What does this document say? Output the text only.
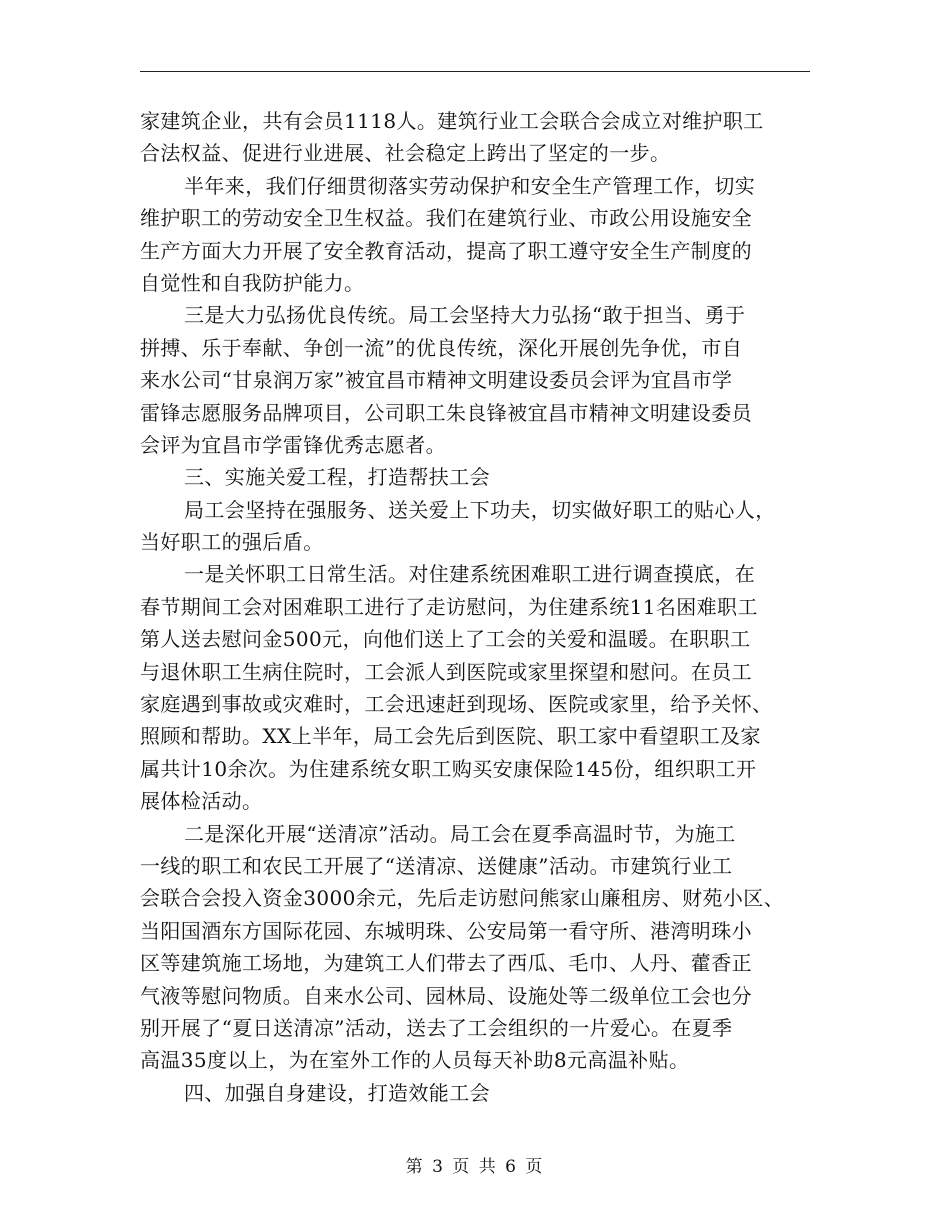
家建筑企业，共有会员1118人。建筑行业工会联合会成立对维护职工
合法权益、促进行业进展、社会稳定上跨出了坚定的一步。
半年来，我们仔细贯彻落实劳动保护和安全生产管理工作，切实
维护职工的劳动安全卫生权益。我们在建筑行业、市政公用设施安全
生产方面大力开展了安全教育活动，提高了职工遵守安全生产制度的
自觉性和自我防护能力。
三是大力弘扬优良传统。局工会坚持大力弘扬“敢于担当、勇于
拼搏、乐于奉献、争创一流”的优良传统，深化开展创先争优，市自
来水公司“甘泉润万家”被宜昌市精神文明建设委员会评为宜昌市学
雷锋志愿服务品牌项目，公司职工朱良锋被宜昌市精神文明建设委员
会评为宜昌市学雷锋优秀志愿者。
三、实施关爱工程，打造帮扶工会
局工会坚持在强服务、送关爱上下功夫，切实做好职工的贴心人，
当好职工的强后盾。
一是关怀职工日常生活。对住建系统困难职工进行调查摸底，在
春节期间工会对困难职工进行了走访慰问，为住建系统11名困难职工
第人送去慰问金500元，向他们送上了工会的关爱和温暖。在职职工
与退休职工生病住院时，工会派人到医院或家里探望和慰问。在员工
家庭遇到事故或灾难时，工会迅速赶到现场、医院或家里，给予关怀、
照顾和帮助。XX上半年，局工会先后到医院、职工家中看望职工及家
属共计10余次。为住建系统女职工购买安康保险145份，组织职工开
展体检活动。
二是深化开展“送清凉”活动。局工会在夏季高温时节，为施工
一线的职工和农民工开展了“送清凉、送健康”活动。市建筑行业工
会联合会投入资金3000余元，先后走访慰问熊家山廉租房、财苑小区、
当阳国酒东方国际花园、东城明珠、公安局第一看守所、港湾明珠小
区等建筑施工场地，为建筑工人们带去了西瓜、毛巾、人丹、藿香正
气液等慰问物质。自来水公司、园林局、设施处等二级单位工会也分
别开展了“夏日送清凉”活动，送去了工会组织的一片爱心。在夏季
高温35度以上，为在室外工作的人员每天补助8元高温补贴。
四、加强自身建设，打造效能工会
第 3 页 共 6 页
